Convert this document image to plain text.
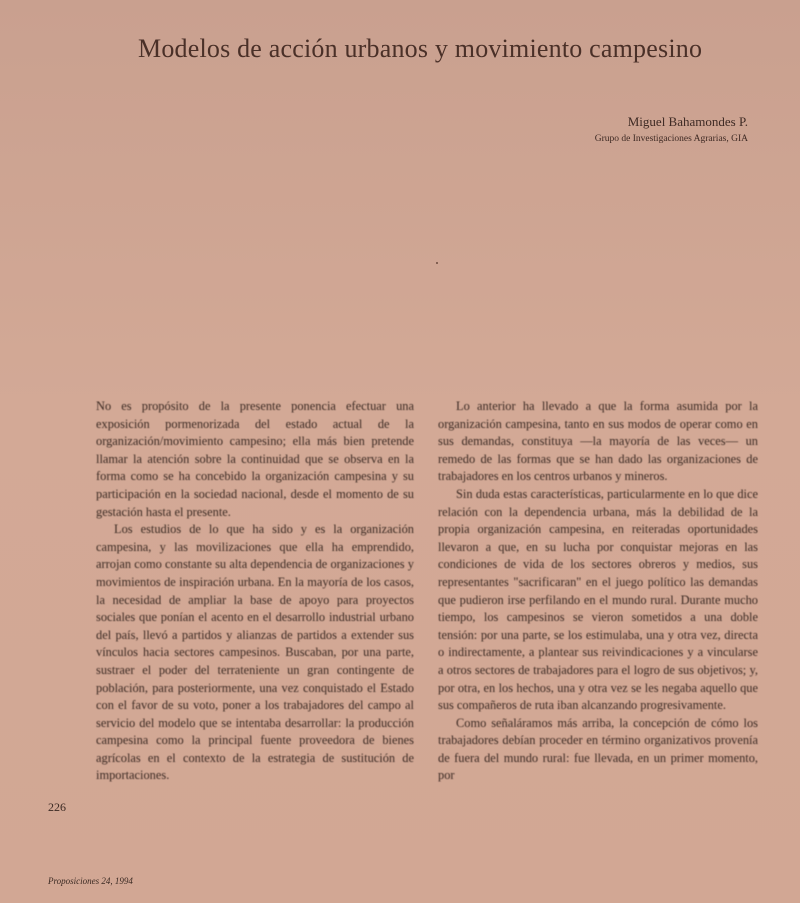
Modelos de acción urbanos y movimiento campesino
Miguel Bahamondes P.
Grupo de Investigaciones Agrarias, GIA

No es propósito de la presente ponencia efectuar una exposición pormenorizada del estado actual de la organización/movimiento campesino; ella más bien pretende llamar la atención sobre la continuidad que se observa en la forma como se ha concebido la organización campesina y su participación en la sociedad nacional, desde el momento de su gestación hasta el presente.

Los estudios de lo que ha sido y es la organización campesina, y las movilizaciones que ella ha emprendido, arrojan como constante su alta dependencia de organizaciones y movimientos de inspiración urbana. En la mayoría de los casos, la necesidad de ampliar la base de apoyo para proyectos sociales que ponían el acento en el desarrollo industrial urbano del país, llevó a partidos y alianzas de partidos a extender sus vínculos hacia sectores campesinos. Buscaban, por una parte, sustraer el poder del terrateniente un gran contingente de población, para posteriormente, una vez conquistado el Estado con el favor de su voto, poner a los trabajadores del campo al servicio del modelo que se intentaba desarrollar: la producción campesina como la principal fuente proveedora de bienes agrícolas en el contexto de la estrategia de sustitución de importaciones.

Lo anterior ha llevado a que la forma asumida por la organización campesina, tanto en sus modos de operar como en sus demandas, constituya —la mayoría de las veces— un remedo de las formas que se han dado las organizaciones de trabajadores en los centros urbanos y mineros.

Sin duda estas características, particularmente en lo que dice relación con la dependencia urbana, más la debilidad de la propia organización campesina, en reiteradas oportunidades llevaron a que, en su lucha por conquistar mejoras en las condiciones de vida de los sectores obreros y medios, sus representantes "sacrificaran" en el juego político las demandas que pudieron irse perfilando en el mundo rural. Durante mucho tiempo, los campesinos se vieron sometidos a una doble tensión: por una parte, se los estimulaba, una y otra vez, directa o indirectamente, a plantear sus reivindicaciones y a vincularse a otros sectores de trabajadores para el logro de sus objetivos; y, por otra, en los hechos, una y otra vez se les negaba aquello que sus compañeros de ruta iban alcanzando progresivamente.

Como señaláramos más arriba, la concepción de cómo los trabajadores debían proceder en término organizativos provenía de fuera del mundo rural: fue llevada, en un primer momento, por

226
Proposiciones 24, 1994
